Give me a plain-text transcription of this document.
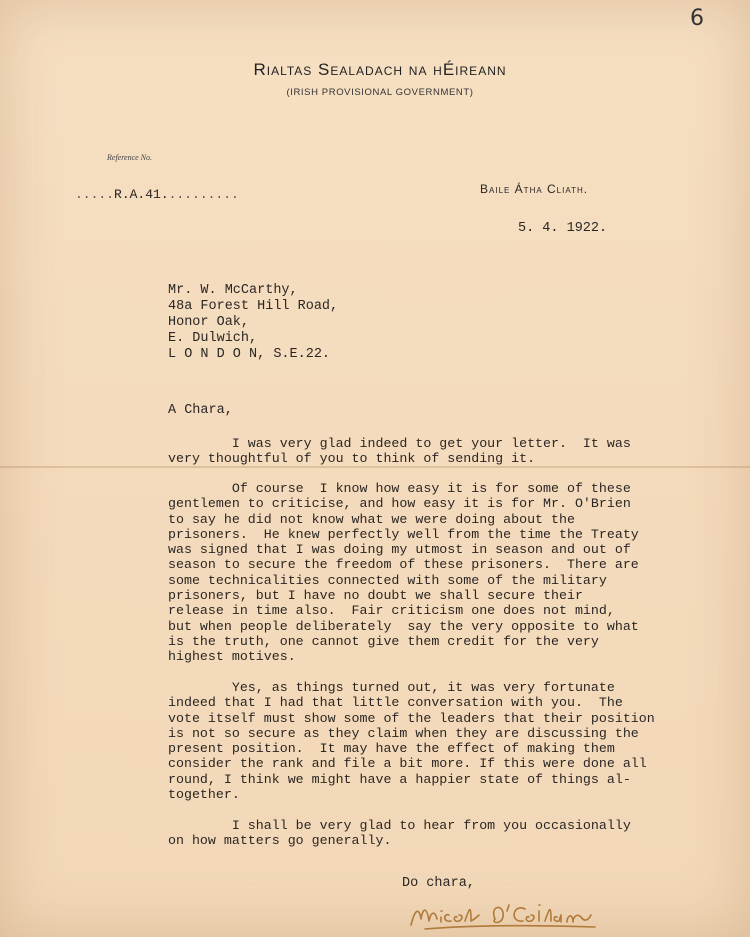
6
Rialtas Sealadach na hÉireann
(IRISH PROVISIONAL GOVERNMENT)
Reference No.
.....R.A.41..........	Baile Átha Cliath.
5. 4. 1922.
Mr. W. McCarthy,
48a Forest Hill Road,
Honor Oak,
E. Dulwich,
L O N D O N, S.E.22.
A Chara,

I was very glad indeed to get your letter.  It was
very thoughtful of you to think of sending it.

Of course  I know how easy it is for some of these
gentlemen to criticise, and how easy it is for Mr. O'Brien
to say he did not know what we were doing about the
prisoners.  He knew perfectly well from the time the Treaty
was signed that I was doing my utmost in season and out of
season to secure the freedom of these prisoners.  There are
some technicalities connected with some of the military
prisoners, but I have no doubt we shall secure their
release in time also.  Fair criticism one does not mind,
but when people deliberately  say the very opposite to what
is the truth, one cannot give them credit for the very
highest motives.

Yes, as things turned out, it was very fortunate
indeed that I had that little conversation with you.  The
vote itself must show some of the leaders that their position
is not so secure as they claim when they are discussing the
present position.  It may have the effect of making them
consider the rank and file a bit more. If this were done all
round, I think we might have a happier state of things al-
together.

I shall be very glad to hear from you occasionally
on how matters go generally.

Do chara,
